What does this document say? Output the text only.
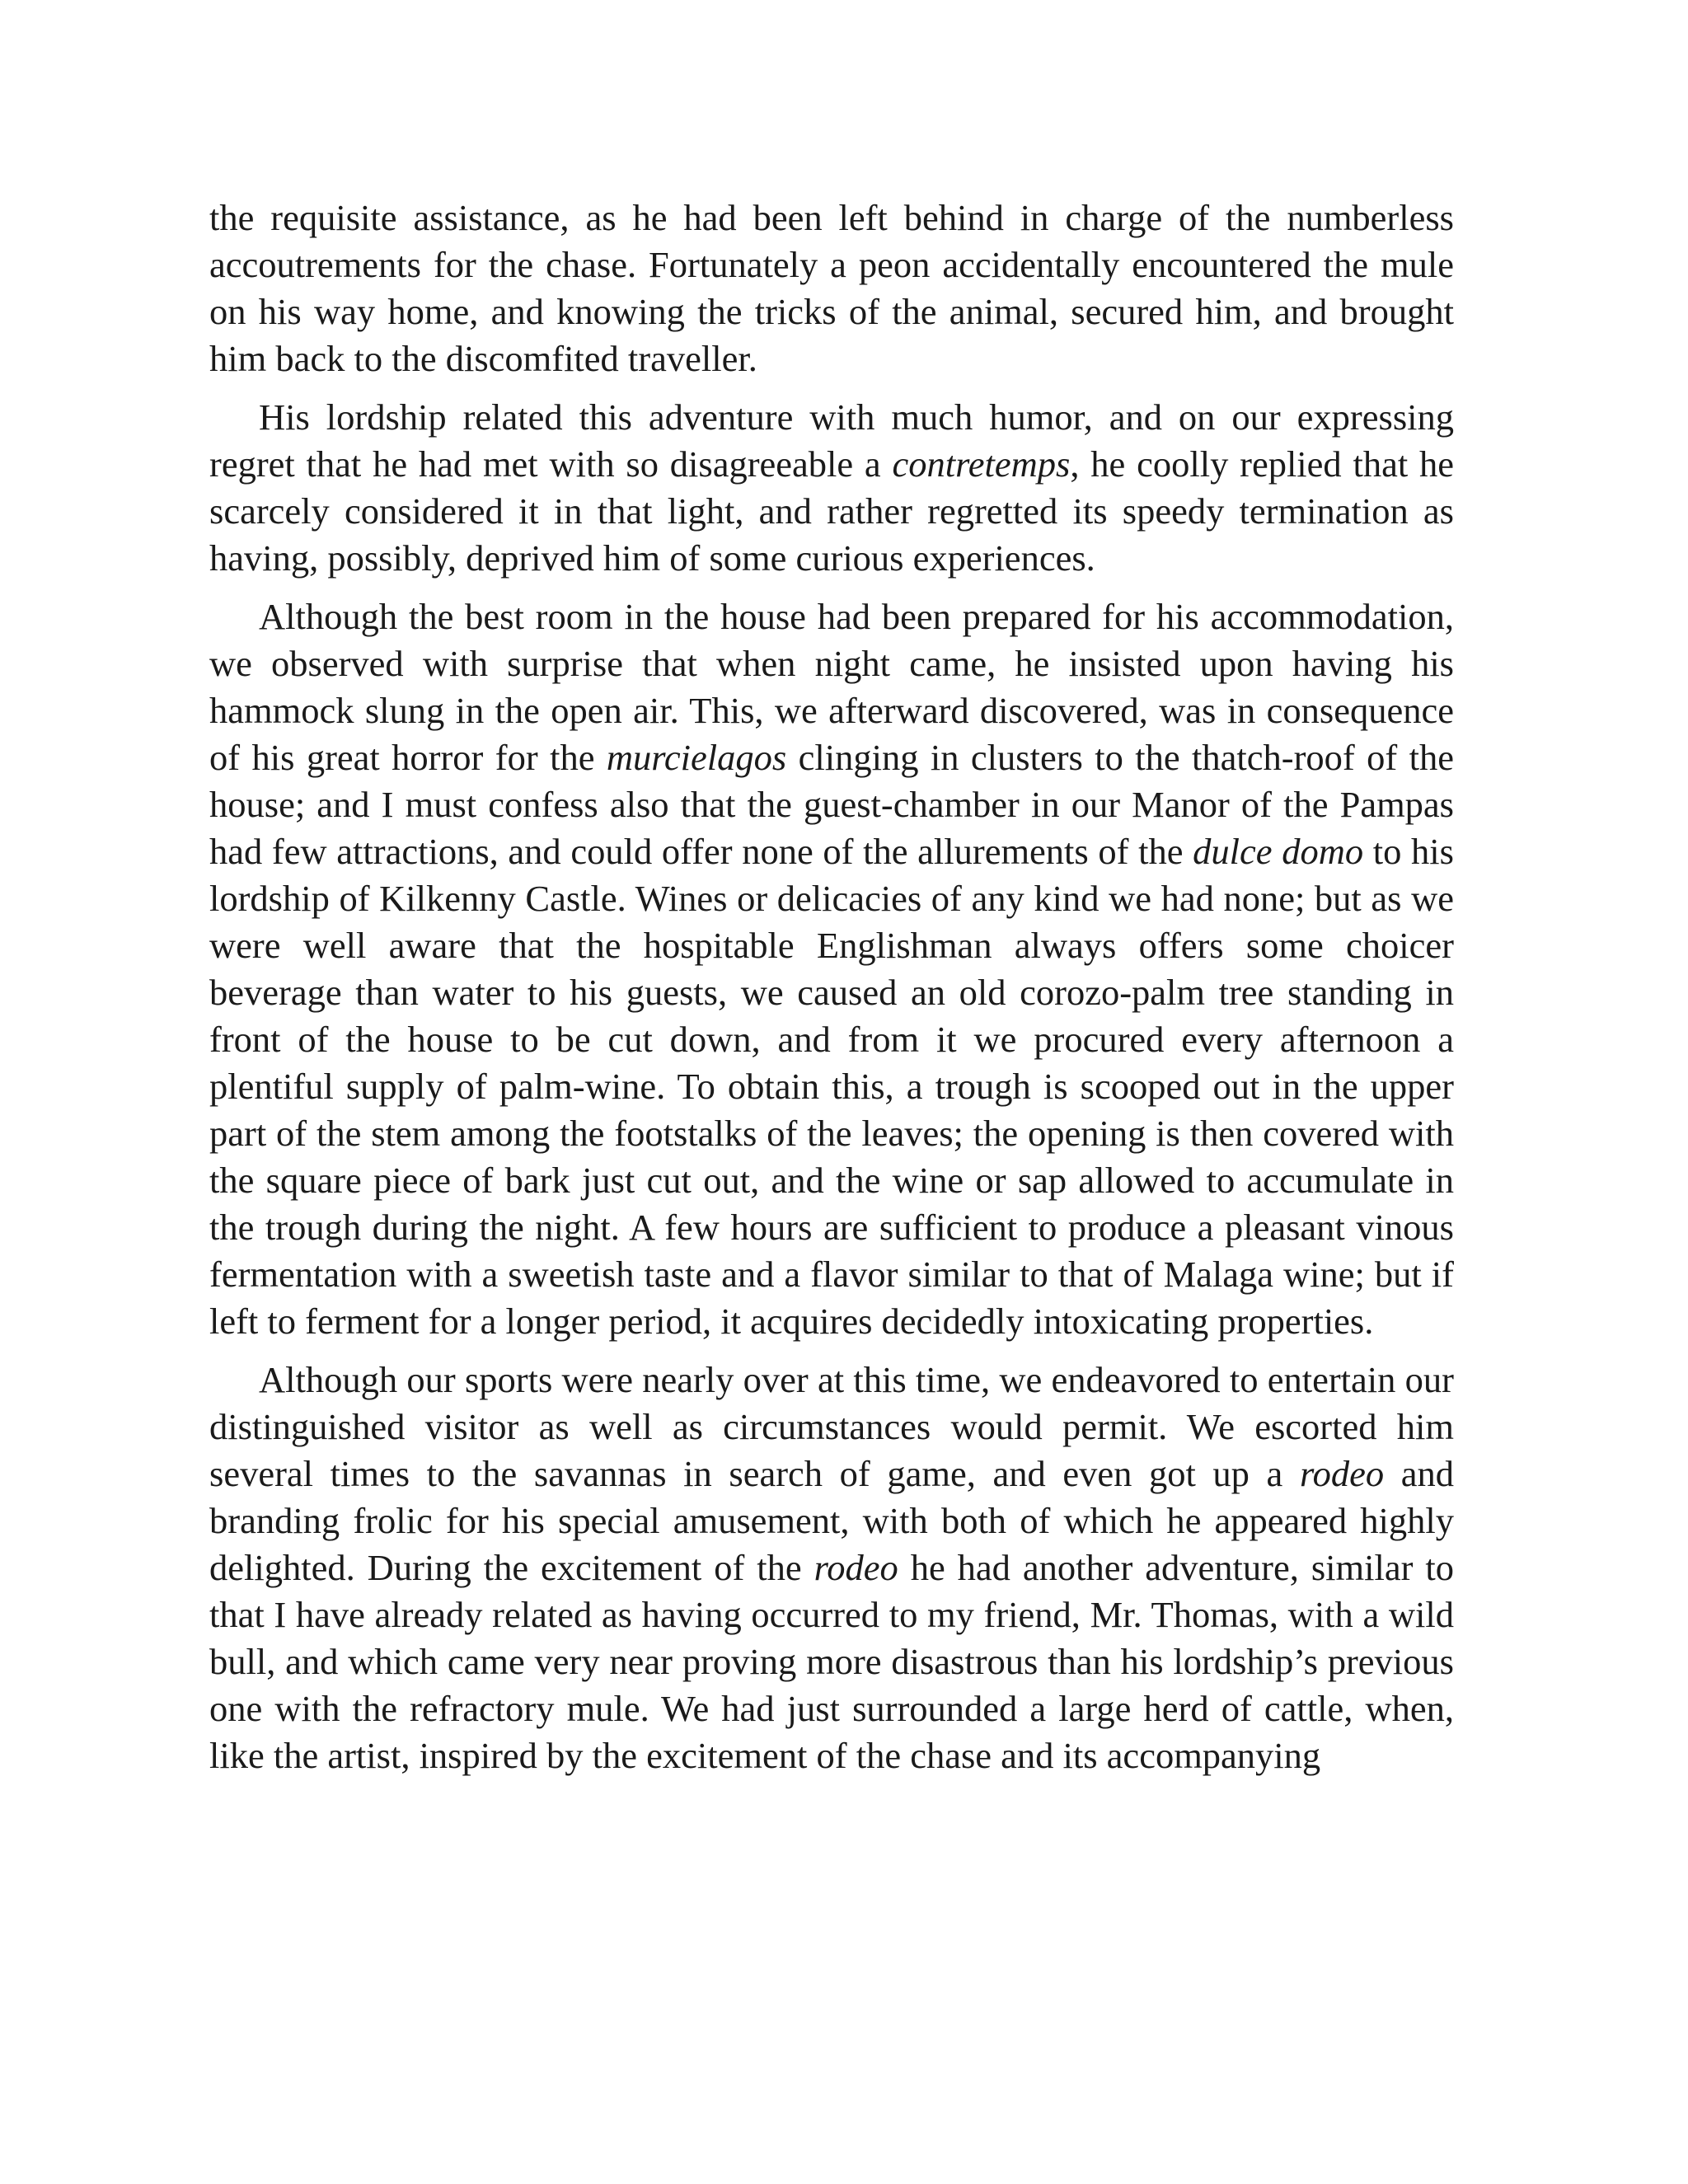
the requisite assistance, as he had been left behind in charge of the numberless accoutrements for the chase. Fortunately a peon accidentally encountered the mule on his way home, and knowing the tricks of the animal, secured him, and brought him back to the discomfited traveller.

His lordship related this adventure with much humor, and on our expressing regret that he had met with so disagreeable a contretemps, he coolly replied that he scarcely considered it in that light, and rather regretted its speedy termination as having, possibly, deprived him of some curious experiences.

Although the best room in the house had been prepared for his accommodation, we observed with surprise that when night came, he insisted upon having his hammock slung in the open air. This, we afterward discovered, was in consequence of his great horror for the murcielagos clinging in clusters to the thatch-roof of the house; and I must confess also that the guest-chamber in our Manor of the Pampas had few attractions, and could offer none of the allurements of the dulce domo to his lordship of Kilkenny Castle. Wines or delicacies of any kind we had none; but as we were well aware that the hospitable Englishman always offers some choicer beverage than water to his guests, we caused an old corozo-palm tree standing in front of the house to be cut down, and from it we procured every afternoon a plentiful supply of palm-wine. To obtain this, a trough is scooped out in the upper part of the stem among the footstalks of the leaves; the opening is then covered with the square piece of bark just cut out, and the wine or sap allowed to accumulate in the trough during the night. A few hours are sufficient to produce a pleasant vinous fermentation with a sweetish taste and a flavor similar to that of Malaga wine; but if left to ferment for a longer period, it acquires decidedly intoxicating properties.

Although our sports were nearly over at this time, we endeavored to entertain our distinguished visitor as well as circumstances would permit. We escorted him several times to the savannas in search of game, and even got up a rodeo and branding frolic for his special amusement, with both of which he appeared highly delighted. During the excitement of the rodeo he had another adventure, similar to that I have already related as having occurred to my friend, Mr. Thomas, with a wild bull, and which came very near proving more disastrous than his lordship’s previous one with the refractory mule. We had just surrounded a large herd of cattle, when, like the artist, inspired by the excitement of the chase and its accompanying
